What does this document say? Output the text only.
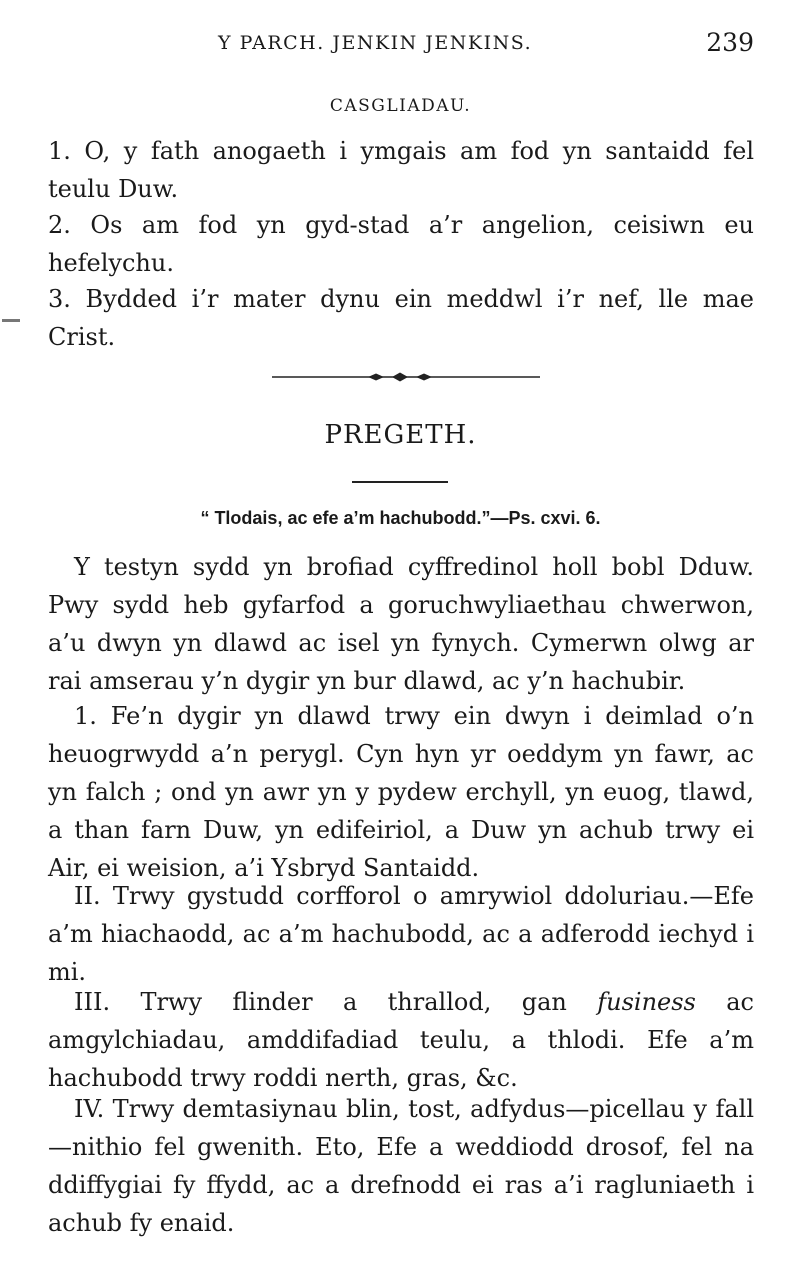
Y PARCH. JENKIN JENKINS.	239
CASGLIADAU.

1. O, y fath anogaeth i ymgais am fod yn santaidd fel teulu Duw.

2. Os am fod yn gyd-stad a’r angelion, ceisiwn eu hefelychu.

3. Bydded i’r mater dynu ein meddwl i’r nef, lle mae Crist.

PREGETH.
“ Tlodais, ac efe a’m hachubodd.”—Ps. cxvi. 6.

Y testyn sydd yn brofiad cyffredinol holl bobl Dduw. Pwy sydd heb gyfarfod a goruchwyliaethau chwerwon, a’u dwyn yn dlawd ac isel yn fynych. Cymerwn olwg ar rai amserau y’n dygir yn bur dlawd, ac y’n hachubir.

1. Fe’n dygir yn dlawd trwy ein dwyn i deimlad o’n heuogrwydd a’n perygl. Cyn hyn yr oeddym yn fawr, ac yn falch ; ond yn awr yn y pydew erchyll, yn euog, tlawd, a than farn Duw, yn edifeiriol, a Duw yn achub trwy ei Air, ei weision, a’i Ysbryd Santaidd.

II. Trwy gystudd corfforol o amrywiol ddoluriau.—Efe a’m hiachaodd, ac a’m hachubodd, ac a adferodd iechyd i mi.

III. Trwy flinder a thrallod, gan fusiness ac amgylchiadau, amddifadiad teulu, a thlodi. Efe a’m hachubodd trwy roddi nerth, gras, &c.

IV. Trwy demtasiynau blin, tost, adfydus—picellau y fall—nithio fel gwenith. Eto, Efe a weddiodd drosof, fel na ddiffygiai fy ffydd, ac a drefnodd ei ras a’i ragluniaeth i achub fy enaid.
